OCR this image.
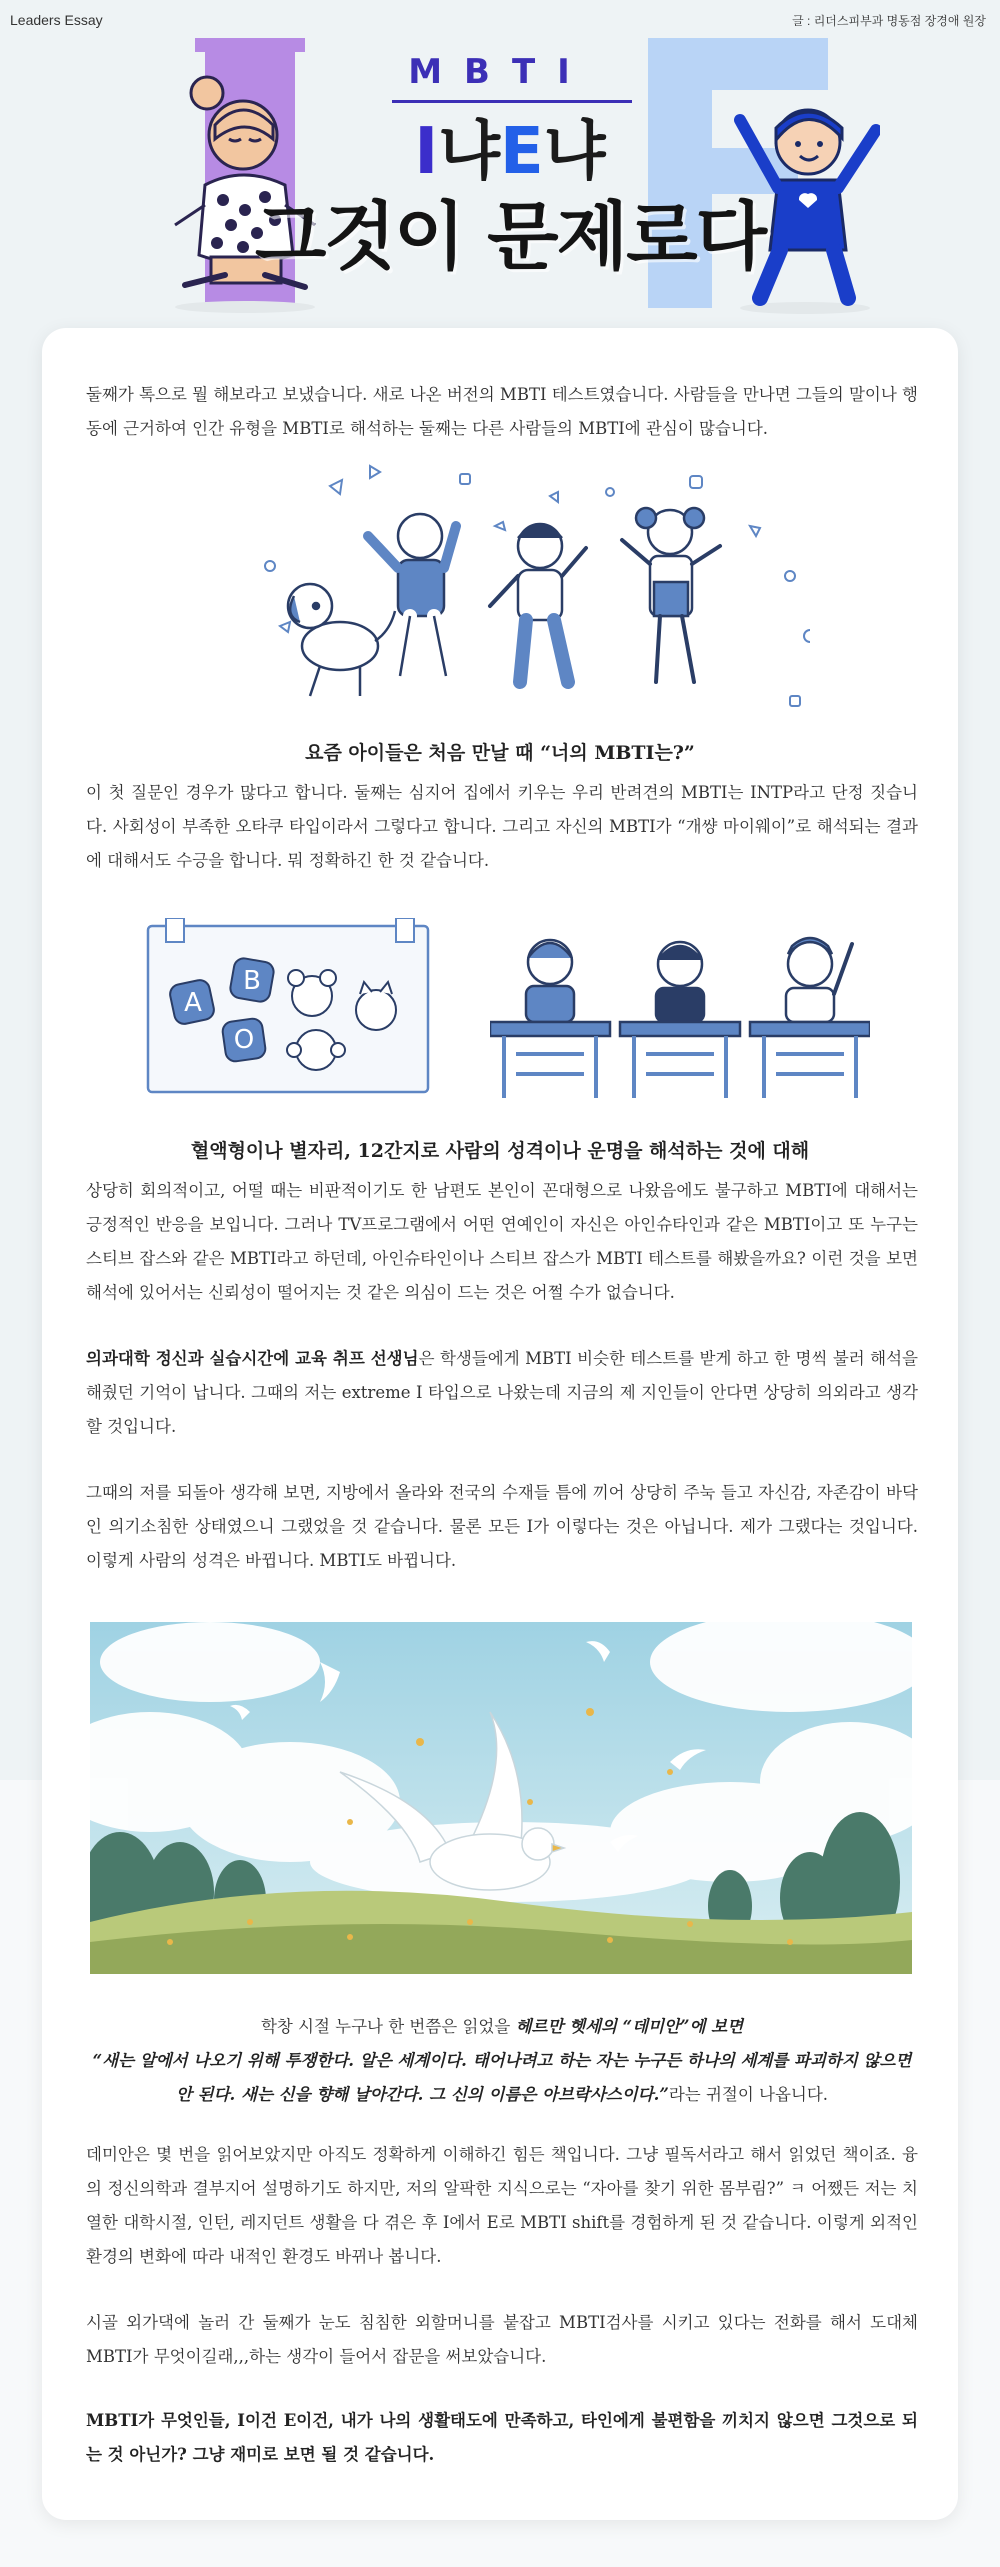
Leaders Essay	글 : 리더스피부과 명동점 장경애 원장
MBTI
I냐E냐
그것이 문제로다

둘째가 톡으로 뭘 해보라고 보냈습니다. 새로 나온 버전의 MBTI 테스트였습니다. 사람들을 만나면 그들의 말이나 행동에 근거하여 인간 유형을 MBTI로 해석하는 둘째는 다른 사람들의 MBTI에 관심이 많습니다.

요즘 아이들은 처음 만날 때 “너의 MBTI는?”

이 첫 질문인 경우가 많다고 합니다. 둘째는 심지어 집에서 키우는 우리 반려견의 MBTI는 INTP라고 단정 짓습니다. 사회성이 부족한 오타쿠 타입이라서 그렇다고 합니다. 그리고 자신의 MBTI가 “개썅 마이웨이”로 해석되는 결과에 대해서도 수긍을 합니다. 뭐 정확하긴 한 것 같습니다.

A
B
O
혈액형이나 별자리, 12간지로 사람의 성격이나 운명을 해석하는 것에 대해

상당히 회의적이고, 어떨 때는 비판적이기도 한 남편도 본인이 꼰대형으로 나왔음에도 불구하고 MBTI에 대해서는 긍정적인 반응을 보입니다. 그러나 TV프로그램에서 어떤 연예인이 자신은 아인슈타인과 같은 MBTI이고 또 누구는 스티브 잡스와 같은 MBTI라고 하던데, 아인슈타인이나 스티브 잡스가 MBTI 테스트를 해봤을까요? 이런 것을 보면 해석에 있어서는 신뢰성이 떨어지는 것 같은 의심이 드는 것은 어쩔 수가 없습니다.

의과대학 정신과 실습시간에 교육 취프 선생님은 학생들에게 MBTI 비슷한 테스트를 받게 하고 한 명씩 불러 해석을 해줬던 기억이 납니다. 그때의 저는 extreme I 타입으로 나왔는데 지금의 제 지인들이 안다면 상당히 의외라고 생각할 것입니다.

그때의 저를 되돌아 생각해 보면, 지방에서 올라와 전국의 수재들 틈에 끼어 상당히 주눅 들고 자신감, 자존감이 바닥인 의기소침한 상태였으니 그랬었을 것 같습니다. 물론 모든 I가 이렇다는 것은 아닙니다. 제가 그랬다는 것입니다. 이렇게 사람의 성격은 바뀝니다. MBTI도 바뀝니다.

학창 시절 누구나 한 번쯤은 읽었을 헤르만 헷세의 “데미안”에 보면
“새는 알에서 나오기 위해 투쟁한다. 알은 세계이다. 태어나려고 하는 자는 누구든 하나의 세계를 파괴하지 않으면 안 된다. 새는 신을 향해 날아간다. 그 신의 이름은 아브락사스이다.”라는 귀절이 나옵니다.

데미안은 몇 번을 읽어보았지만 아직도 정확하게 이해하긴 힘든 책입니다. 그냥 필독서라고 해서 읽었던 책이죠. 융의 정신의학과 결부지어 설명하기도 하지만, 저의 알팍한 지식으로는 “자아를 찾기 위한 몸부림?” ㅋ 어쨌든 저는 치열한 대학시절, 인턴, 레지던트 생활을 다 겪은 후 I에서 E로 MBTI shift를 경험하게 된 것 같습니다. 이렇게 외적인 환경의 변화에 따라 내적인 환경도 바뀌나 봅니다.

시골 외가댁에 놀러 간 둘째가 눈도 침침한 외할머니를 붙잡고 MBTI검사를 시키고 있다는 전화를 해서 도대체 MBTI가 무엇이길래,,,하는 생각이 들어서 잡문을 써보았습니다.

MBTI가 무엇인들, I이건 E이건, 내가 나의 생활태도에 만족하고, 타인에게 불편함을 끼치지 않으면 그것으로 되는 것 아닌가? 그냥 재미로 보면 될 것 같습니다.
